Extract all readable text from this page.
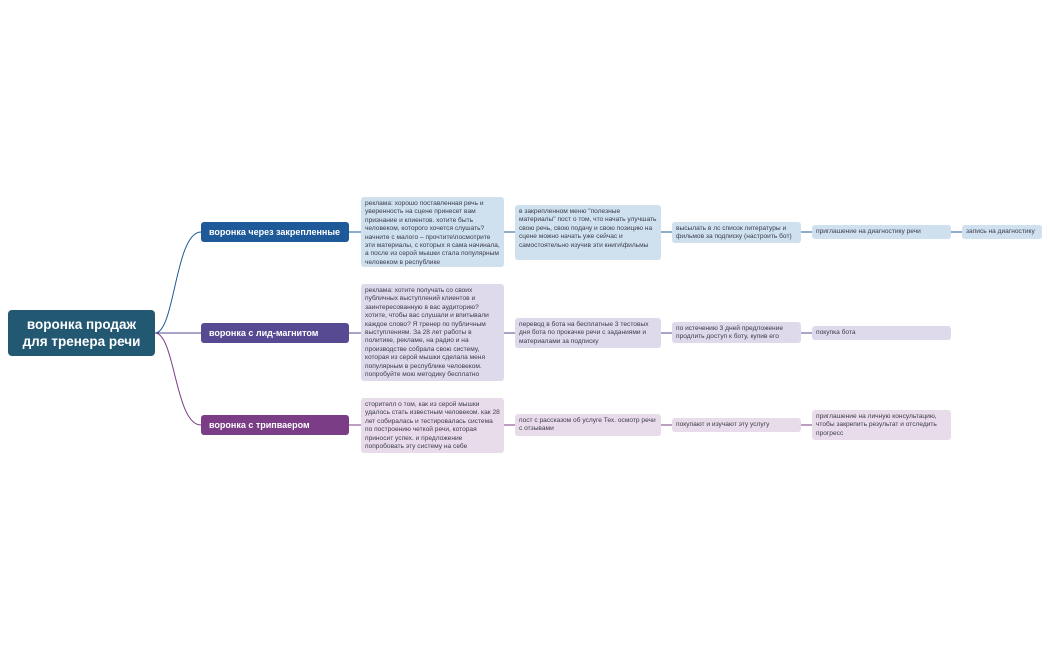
воронка продаж для тренера речи
воронка через закрепленные
реклама: хорошо поставленная речь и уверенность на сцене принесет вам признание и клиентов. хотите быть человеком, которого хочется слушать? начните с малого – прочтите\посмотрите эти материалы, с которых я сама начинала, а после из серой мышки стала популярным человеком в республике
в закрепленном меню "полезные материалы" пост о том, что начать улучшать свою речь, свою подачу и свою позицию на сцене можно начать уже сейчас и самостоятельно изучив эти книги\фильмы
высылать в лс список литературы и фильмов за подписку (настроить бот)
приглашение на диагностику речи	запись на диагностику
воронка с лид-магнитом
реклама: хотите получать со своих публичных выступлений клиентов и заинтересованную в вас аудиторию? хотите, чтобы вас слушали и впитывали каждое слово? Я тренер по публичным выступлениям. За 28 лет работы в политике, рекламе, на радио и на производстве собрала свою систему, которая из серой мышки сделала меня популярным в республике человеком. попробуйте мою методику бесплатно
перевод в бота на бесплатные 3 тестовых дня бота по прокачке речи с заданиями и материалами за подписку
по истечению 3 дней предложение продлить доступ к боту, купив его
покупка бота
воронка с трипваером
сторителл о том, как из серой мышки удалось стать известным человеком. как 28 лет собиралась и тестировалась система по построению четкой речи, которая приносит успех. и предложение попробовать эту систему на себе
пост с рассказом об услуге Тех. осмотр речи с отзывами
покупают и изучают эту услугу
приглашение на личную консультацию, чтобы закрепить результат и отследить прогресс
